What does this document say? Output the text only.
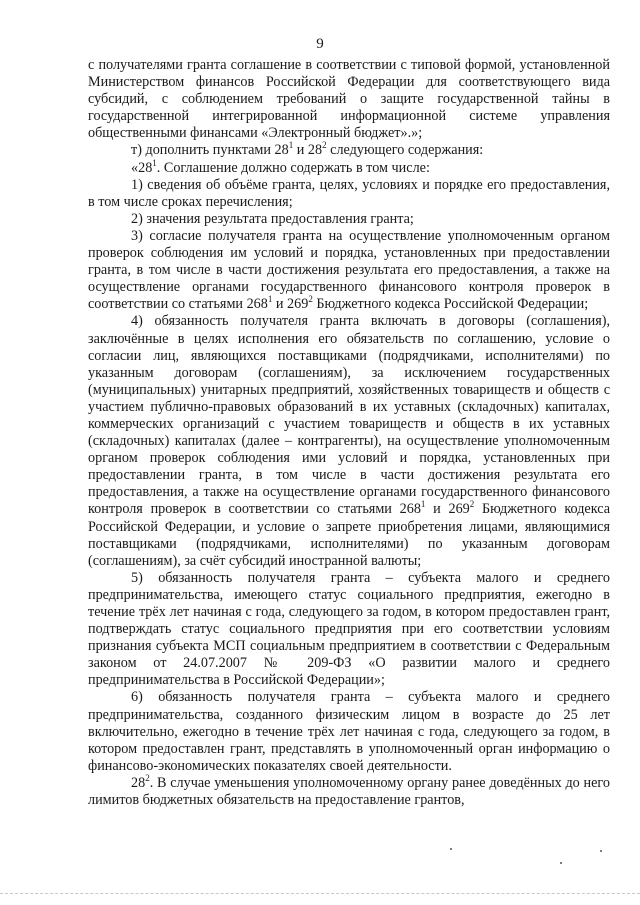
9

с получателями гранта соглашение в соответствии с типовой формой, установленной Министерством финансов Российской Федерации для соответствующего вида субсидий, с соблюдением требований о защите государственной тайны в государственной интегрированной информационной системе управления общественными финансами «Электронный бюджет».»;

т) дополнить пунктами $28^1$ и $28^2$ следующего содержания:

«$28^1$. Соглашение должно содержать в том числе:

1) сведения об объёме гранта, целях, условиях и порядке его предоставления, в том числе сроках перечисления;

2) значения результата предоставления гранта;

3) согласие получателя гранта на осуществление уполномоченным органом проверок соблюдения им условий и порядка, установленных при предоставлении гранта, в том числе в части достижения результата его предоставления, а также на осуществление органами государственного финансового контроля проверок в соответствии со статьями $268^1$ и $269^2$ Бюджетного кодекса Российской Федерации;

4) обязанность получателя гранта включать в договоры (соглашения), заключённые в целях исполнения его обязательств по соглашению, условие о согласии лиц, являющихся поставщиками (подрядчиками, исполнителями) по указанным договорам (соглашениям), за исключением государственных (муниципальных) унитарных предприятий, хозяйственных товариществ и обществ с участием публично-правовых образований в их уставных (складочных) капиталах, коммерческих организаций с участием товариществ и обществ в их уставных (складочных) капиталах (далее – контрагенты), на осуществление уполномоченным органом проверок соблюдения ими условий и порядка, установленных при предоставлении гранта, в том числе в части достижения результата его предоставления, а также на осуществление органами государственного финансового контроля проверок в соответствии со статьями $268^1$ и $269^2$ Бюджетного кодекса Российской Федерации, и условие о запрете приобретения лицами, являющимися поставщиками (подрядчиками, исполнителями) по указанным договорам (соглашениям), за счёт субсидий иностранной валюты;

5) обязанность получателя гранта – субъекта малого и среднего предпринимательства, имеющего статус социального предприятия, ежегодно в течение трёх лет начиная с года, следующего за годом, в котором предоставлен грант, подтверждать статус социального предприятия при его соответствии условиям признания субъекта МСП социальным предприятием в соответствии с Федеральным законом от 24.07.2007 № 209-ФЗ «О развитии малого и среднего предпринимательства в Российской Федерации»;

6) обязанность получателя гранта – субъекта малого и среднего предпринимательства, созданного физическим лицом в возрасте до 25 лет включительно, ежегодно в течение трёх лет начиная с года, следующего за годом, в котором предоставлен грант, представлять в уполномоченный орган информацию о финансово-экономических показателях своей деятельности.

$28^2$. В случае уменьшения уполномоченному органу ранее доведённых до него лимитов бюджетных обязательств на предоставление грантов,
